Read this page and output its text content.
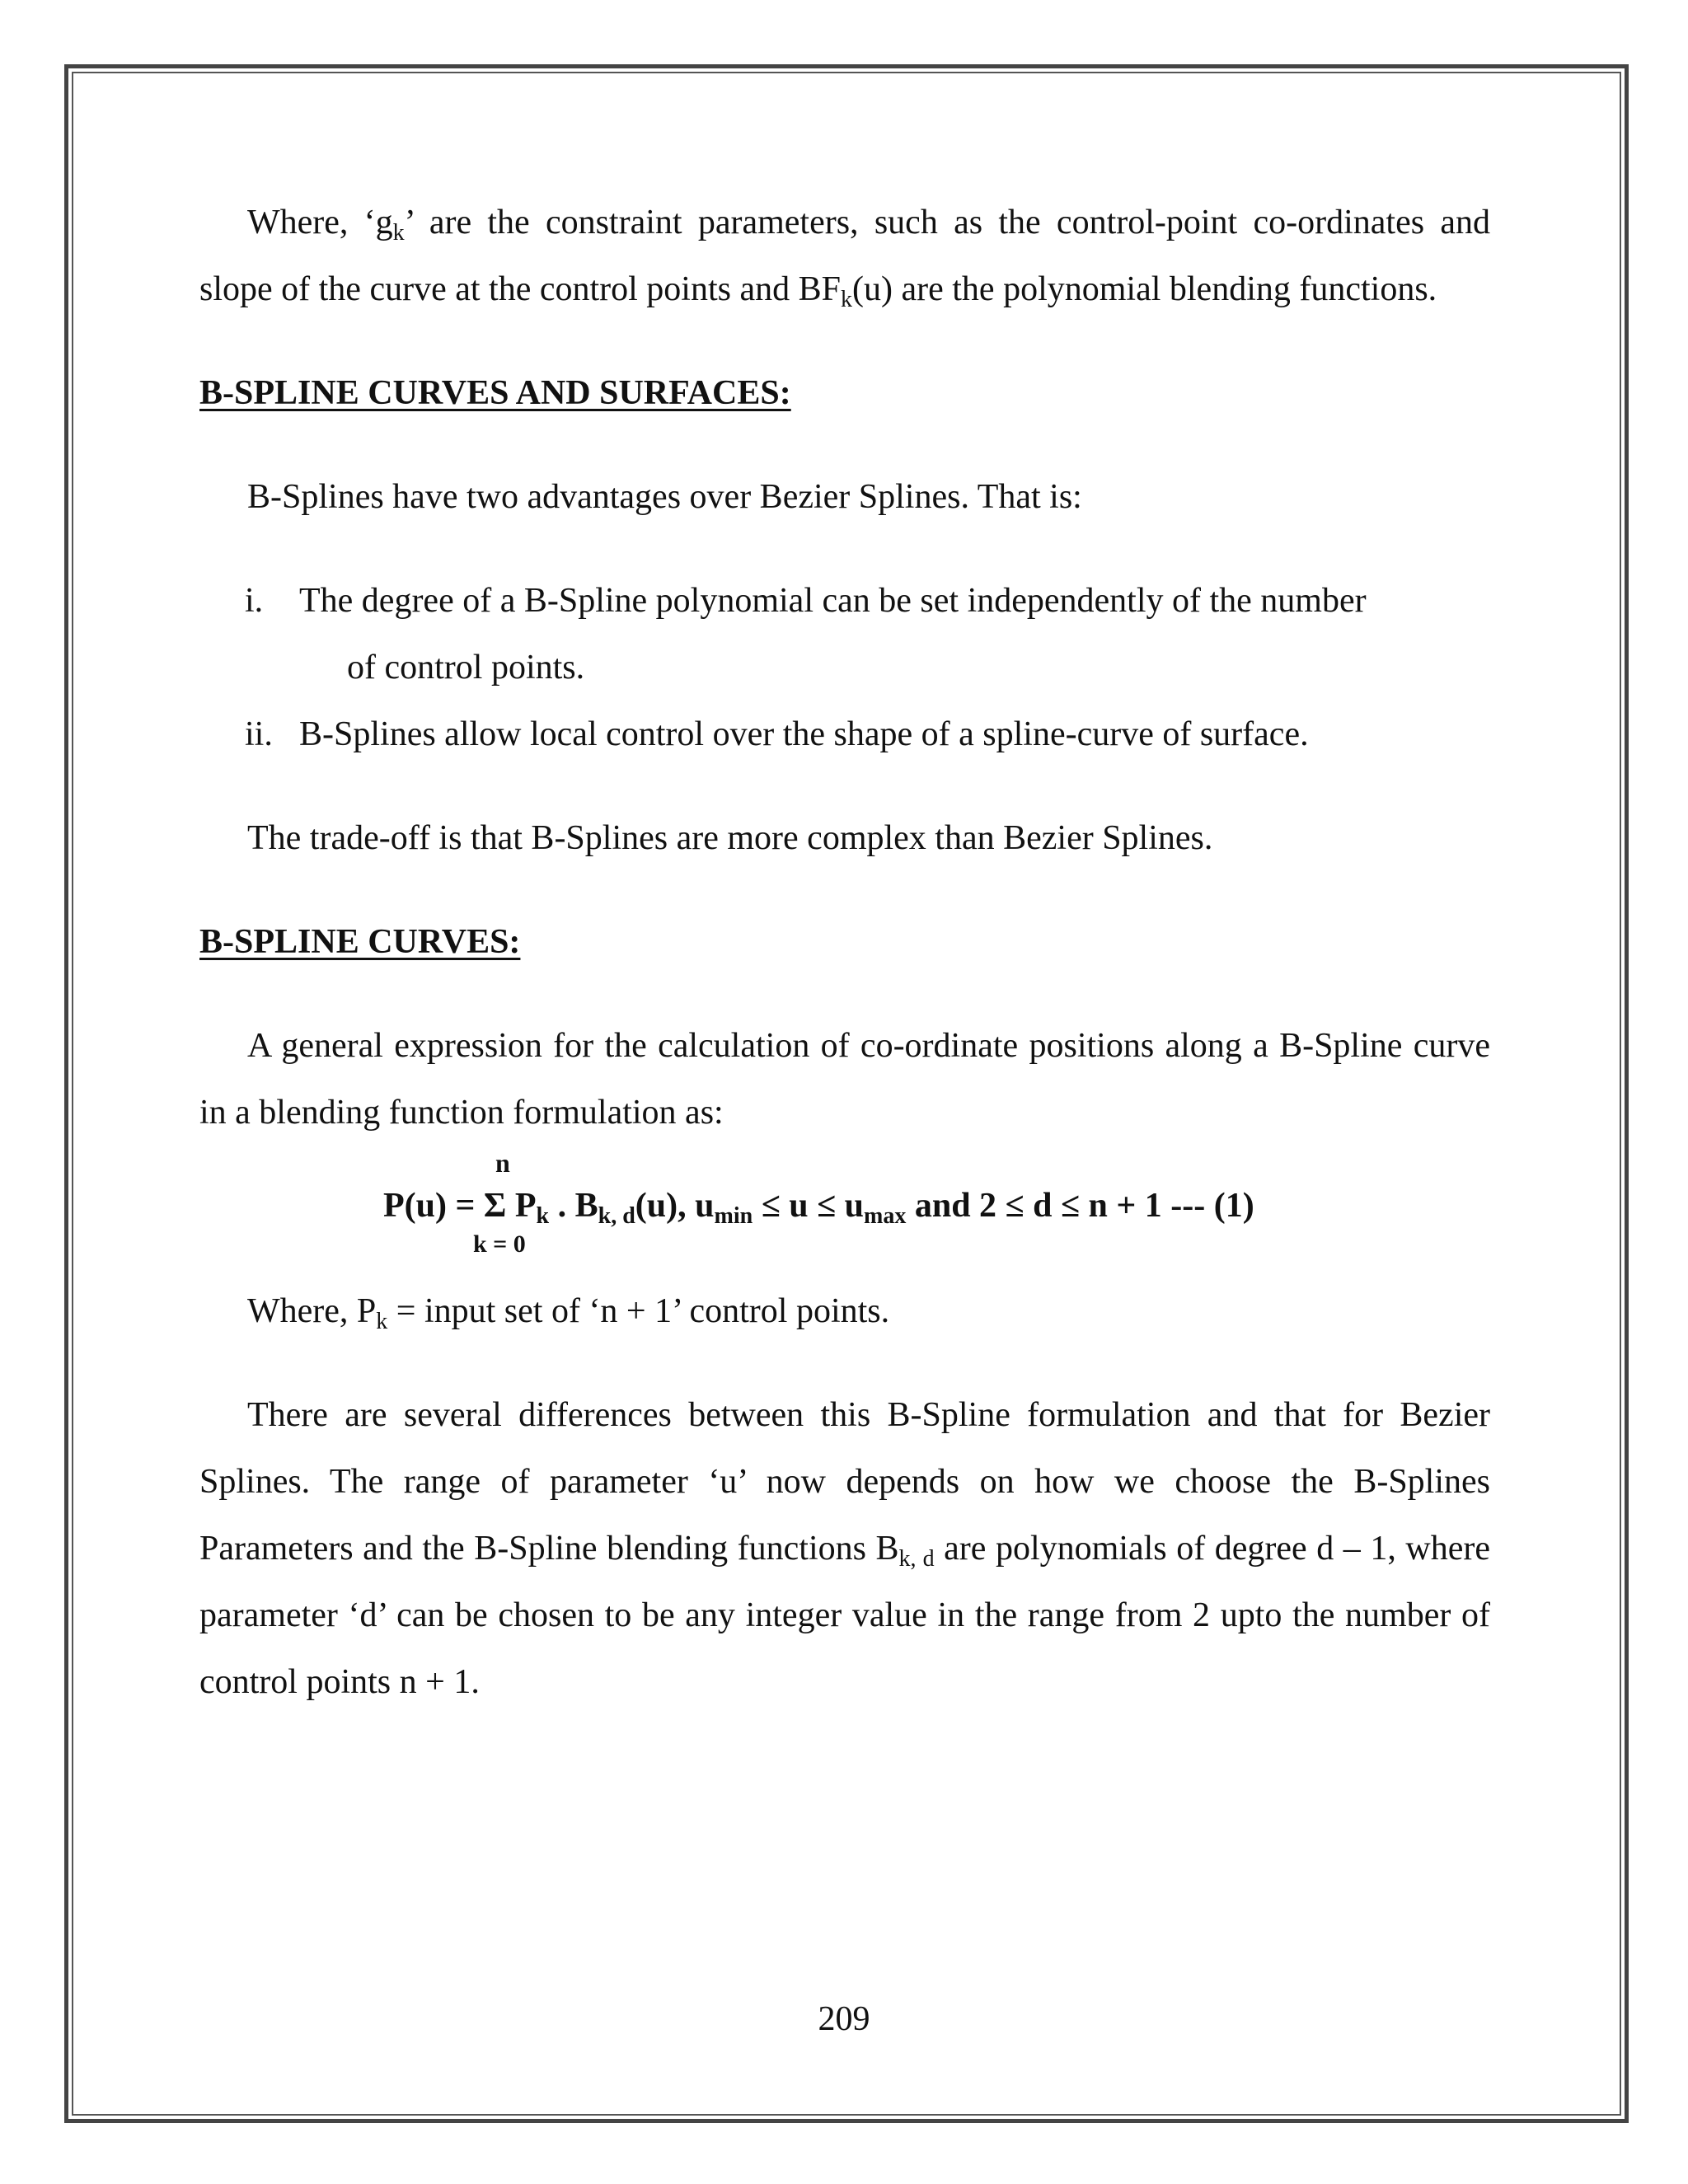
Where, ‘$g_k$’ are the constraint parameters, such as the control-point co-ordinates and slope of the curve at the control points and $BF_k(u)$ are the polynomial blending functions.

B-SPLINE CURVES AND SURFACES:

B-Splines have two advantages over Bezier Splines. That is:

i. The degree of a B-Spline polynomial can be set independently of the number
of control points.
ii. B-Splines allow local control over the shape of a spline-curve of surface.

The trade-off is that B-Splines are more complex than Bezier Splines.

B-SPLINE CURVES:

A general expression for the calculation of co-ordinate positions along a B-Spline curve in a blending function formulation as:

n
P(u) = Σ Pk . Bk, d(u), umin ≤ u ≤ umax and 2 ≤ d ≤ n + 1 --- (1)
k = 0

Where, $P_k$ = input set of ‘n + 1’ control points.

There are several differences between this B-Spline formulation and that for Bezier Splines. The range of parameter ‘u’ now depends on how we choose the B-Splines Parameters and the B-Spline blending functions $B_{k, d}$ are polynomials of degree d – 1, where parameter ‘d’ can be chosen to be any integer value in the range from 2 upto the number of control points n + 1.

209
